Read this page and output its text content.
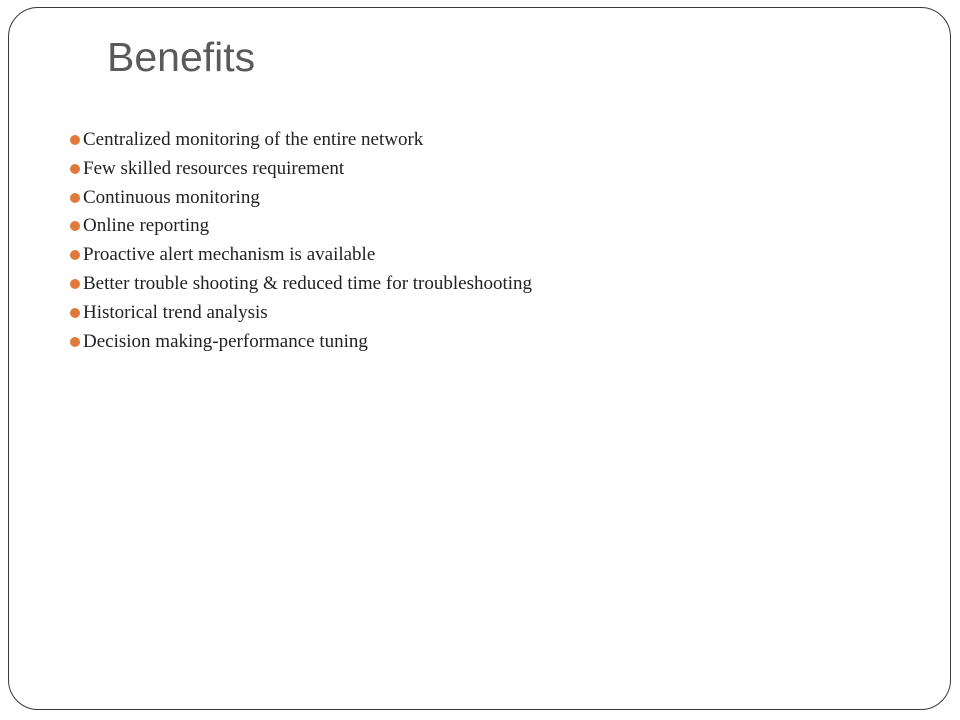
Benefits
Centralized monitoring of the entire network
Few skilled resources requirement
Continuous monitoring
Online reporting
Proactive alert mechanism is available
Better trouble shooting & reduced time for troubleshooting
Historical trend analysis
Decision making-performance tuning
